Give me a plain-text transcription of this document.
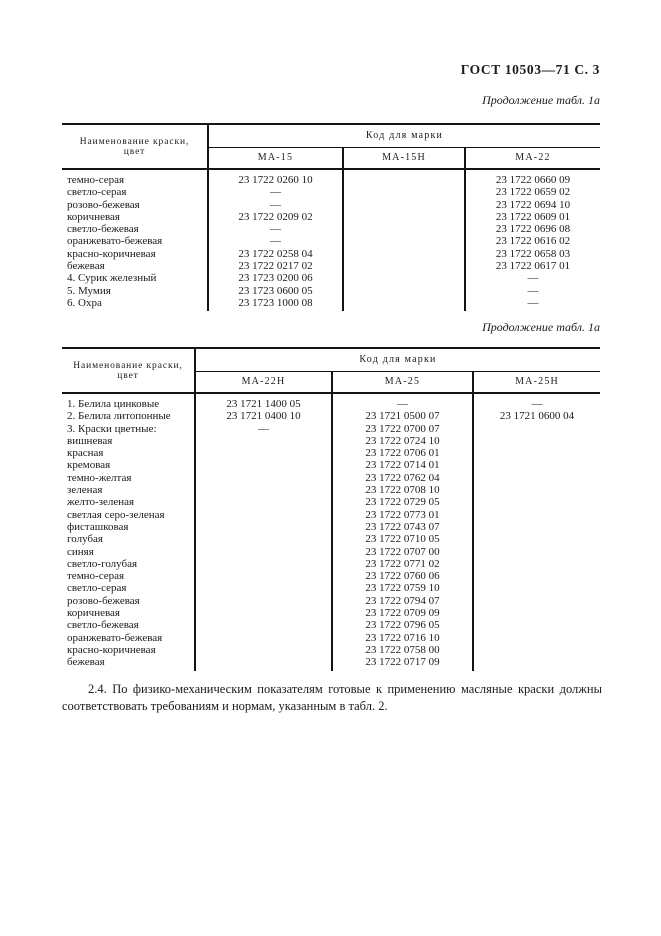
ГОСТ 10503—71 С. 3
Продолжение табл. 1а
Наименование краски, цвет	Код для марки		
	МА-15	МА-15Н	МА-22
темно-серая	23 1722 0260 10		23 1722 0660 09
светло-серая	—		23 1722 0659 02
розово-бежевая	—		23 1722 0694 10
коричневая	23 1722 0209 02		23 1722 0609 01
светло-бежевая	—		23 1722 0696 08
оранжевато-бежевая	—		23 1722 0616 02
красно-коричневая	23 1722 0258 04		23 1722 0658 03
бежевая	23 1722 0217 02		23 1722 0617 01
4. Сурик железный	23 1723 0200 06		—
5. Мумия	23 1723 0600 05		—
6. Охра	23 1723 1000 08		—
Продолжение табл. 1а
Наименование краски, цвет	Код для марки		
	МА-22Н	МА-25	МА-25Н
1. Белила цинковые	23 1721 1400 05	—	—
2. Белила литопонные	23 1721 0400 10	23 1721 0500 07	23 1721 0600 04
3. Краски цветные:	—	23 1722 0700 07	
вишневая		23 1722 0724 10	
красная		23 1722 0706 01	
кремовая		23 1722 0714 01	
темно-желтая		23 1722 0762 04	
зеленая		23 1722 0708 10	
желто-зеленая		23 1722 0729 05	
светлая серо-зеленая		23 1722 0773 01	
фисташковая		23 1722 0743 07	
голубая		23 1722 0710 05	
синяя		23 1722 0707 00	
светло-голубая		23 1722 0771 02	
темно-серая		23 1722 0760 06	
светло-серая		23 1722 0759 10	
розово-бежевая		23 1722 0794 07	
коричневая		23 1722 0709 09	
светло-бежевая		23 1722 0796 05	
оранжевато-бежевая		23 1722 0716 10	
красно-коричневая		23 1722 0758 00	
бежевая		23 1722 0717 09	

2.4. По физико-механическим показателям готовые к применению масляные краски должны соответствовать требованиям и нормам, указанным в табл. 2.
